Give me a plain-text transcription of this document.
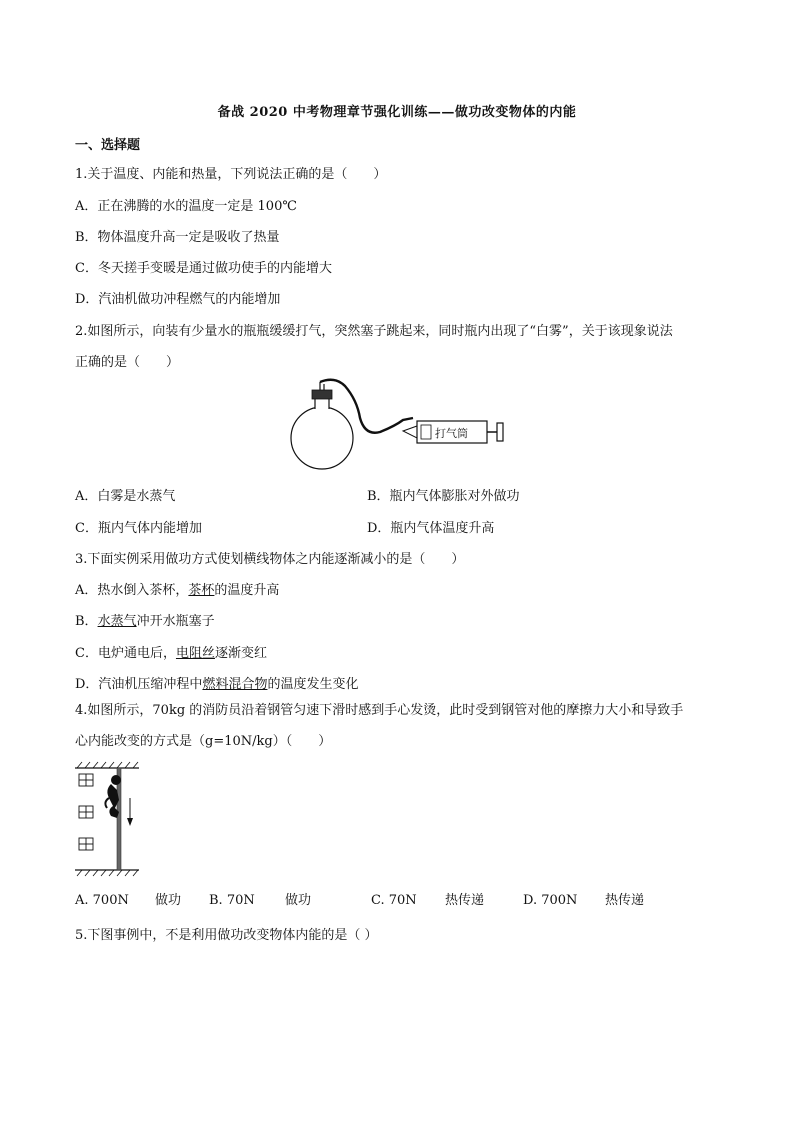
备战 2020 中考物理章节强化训练——做功改变物体的内能
一、选择题
1.关于温度、内能和热量，下列说法正确的是（　　）
A．正在沸腾的水的温度一定是 100℃
B．物体温度升高一定是吸收了热量
C．冬天搓手变暖是通过做功使手的内能增大
D．汽油机做功冲程燃气的内能增加
2.如图所示，向装有少量水的瓶瓶缓缓打气，突然塞子跳起来，同时瓶内出现了“白雾”，关于该现象说法
正确的是（　　）
打气筒
A．白雾是水蒸气	B．瓶内气体膨胀对外做功
C．瓶内气体内能增加	D．瓶内气体温度升高
3.下面实例采用做功方式使划横线物体之内能逐渐减小的是（　　）
A．热水倒入茶杯，茶杯的温度升高
B．水蒸气冲开水瓶塞子
C．电炉通电后，电阻丝逐渐变红
D．汽油机压缩冲程中燃料混合物的温度发生变化
4.如图所示，70kg 的消防员沿着钢管匀速下滑时感到手心发烫，此时受到钢管对他的摩擦力大小和导致手
心内能改变的方式是（g=10N/kg）（　　）
A. 700N 做功 B. 70N 做功	C. 70N 热传递	D. 700N 热传递
5.下图事例中，不是利用做功改变物体内能的是（ ）
